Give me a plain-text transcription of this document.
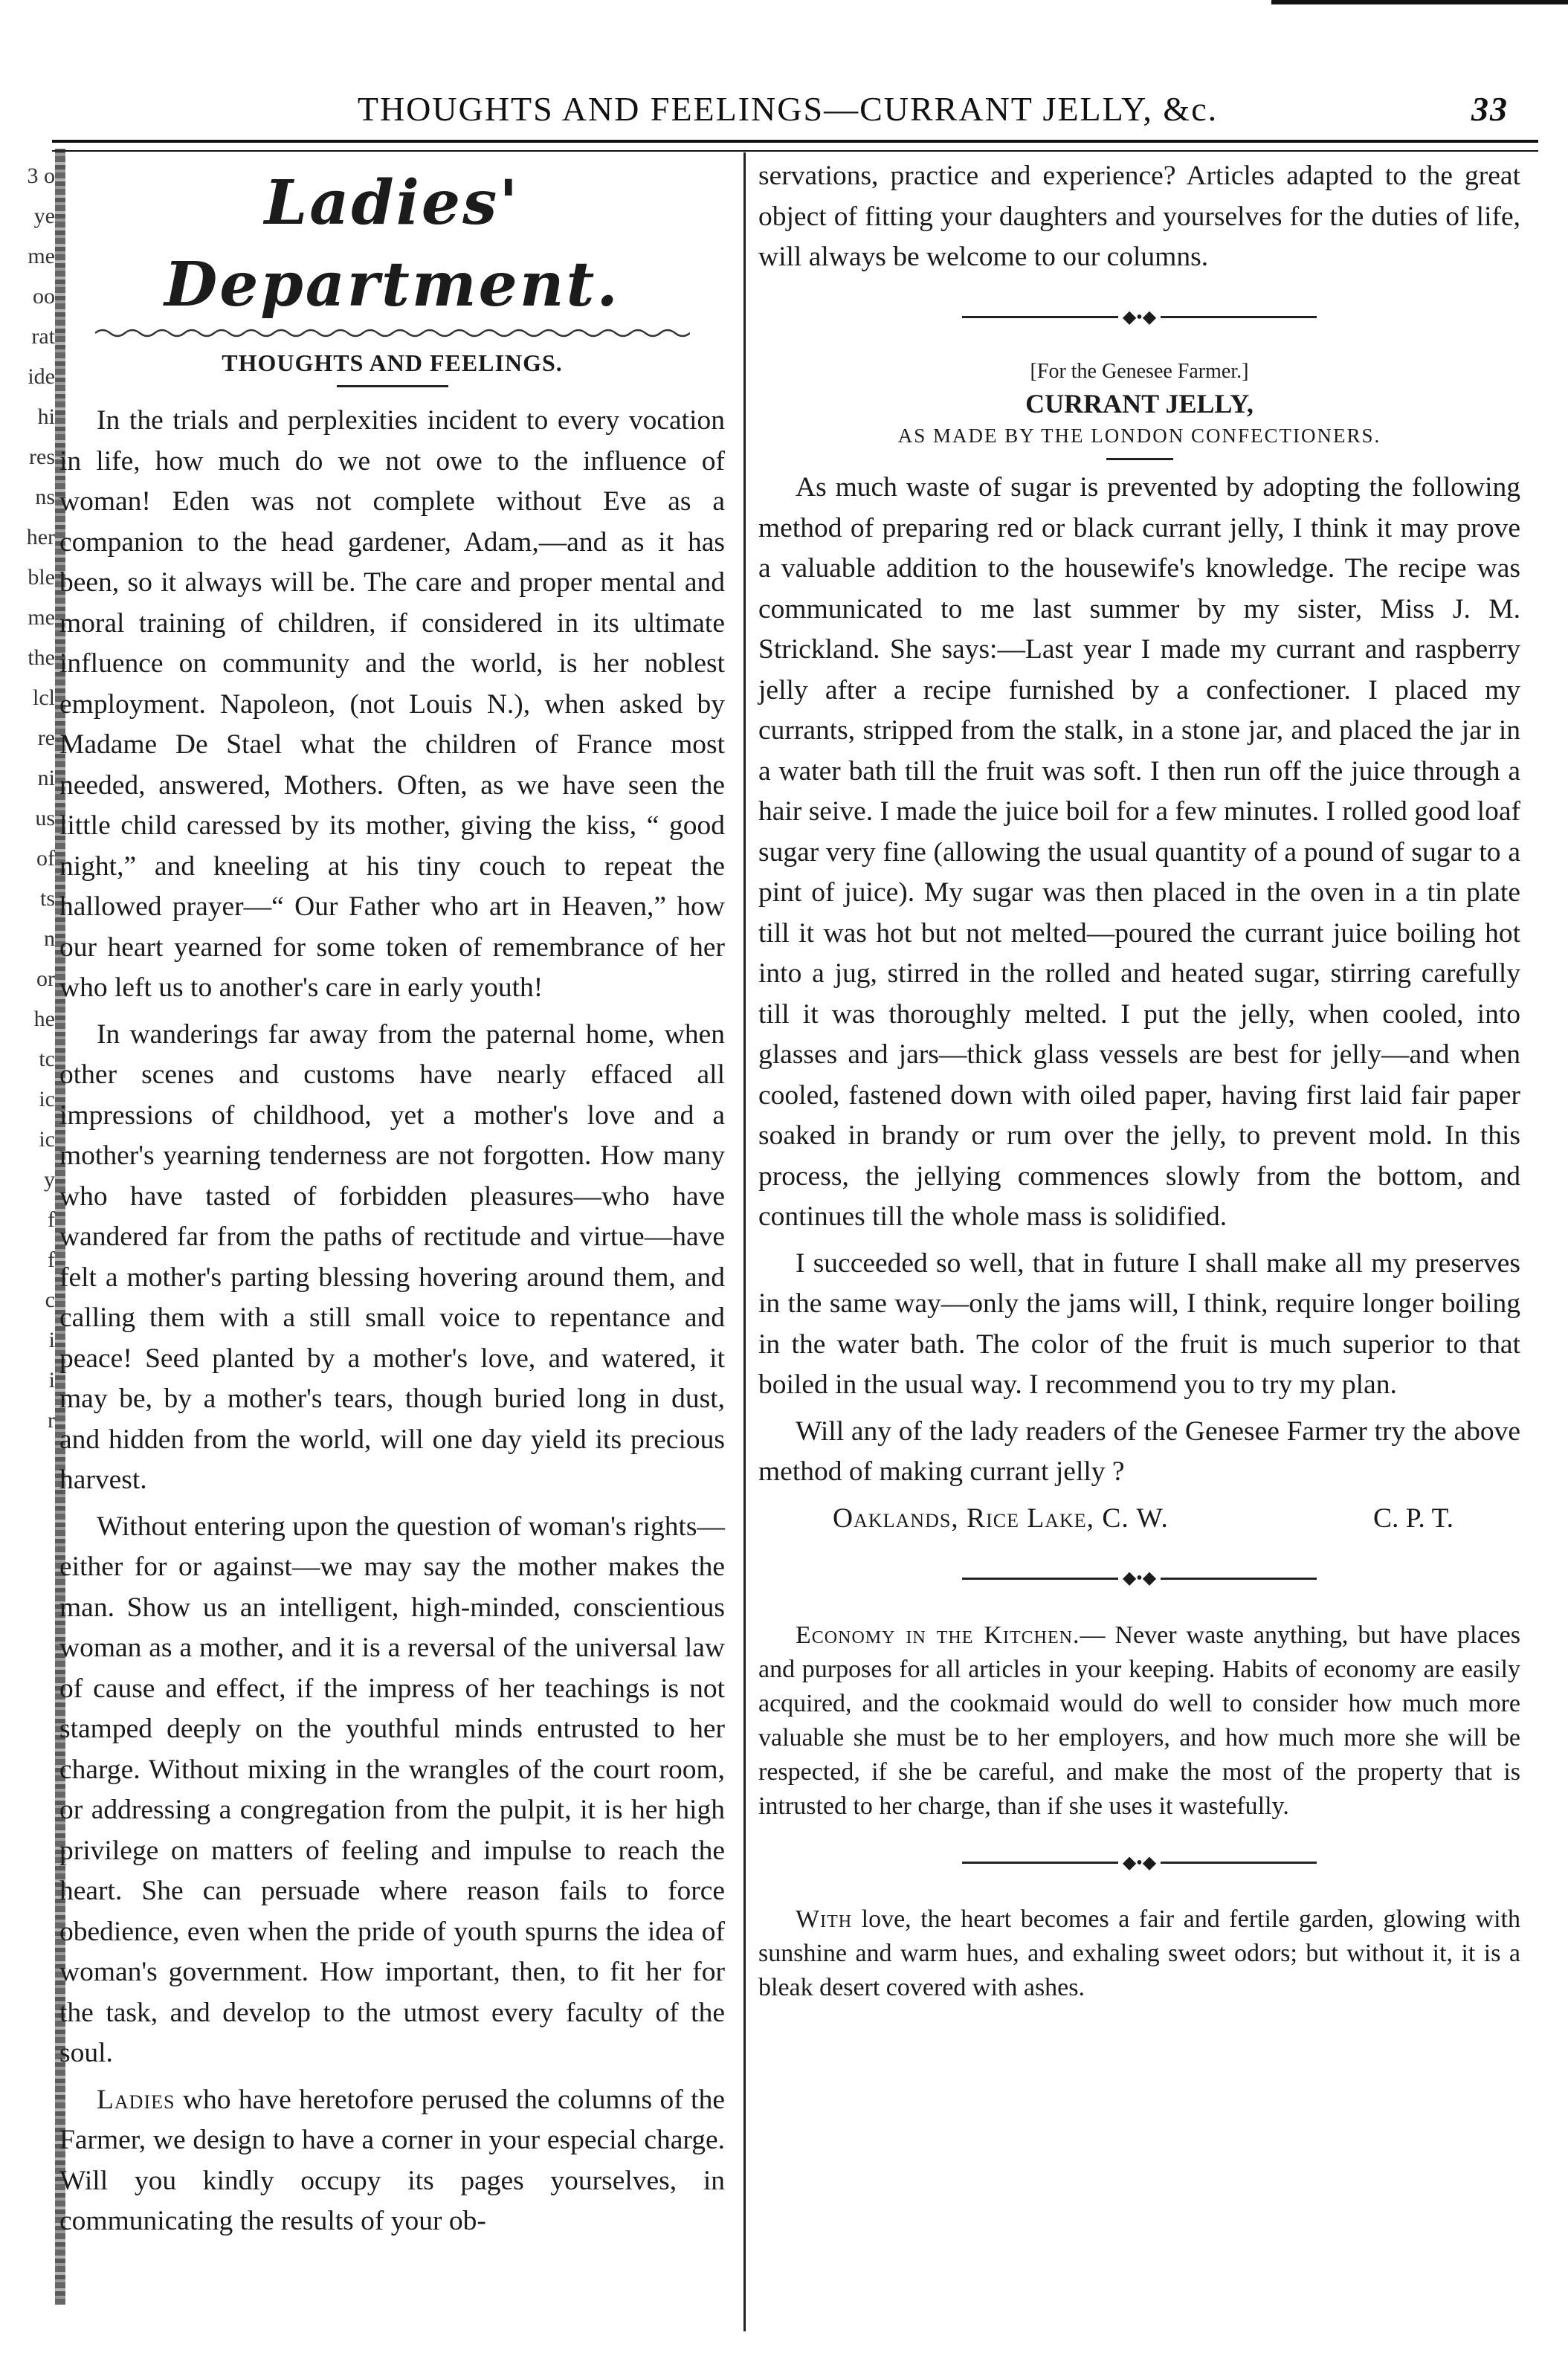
THOUGHTS AND FEELINGS—CURRANT JELLY, &c.	33
3 o
ye
me
oo
rat
ide
hi
res
ns
her
ble
me
the
lcl
re
ni
us
of
ts
n
or
he
tc
ic
ic
y
f
f
c
i
i
r
Ladies' Department.
THOUGHTS AND FEELINGS.

In the trials and perplexities incident to every vocation in life, how much do we not owe to the influence of woman! Eden was not complete without Eve as a companion to the head gardener, Adam,—and as it has been, so it always will be. The care and proper mental and moral training of children, if considered in its ultimate influence on community and the world, is her noblest employment. Napoleon, (not Louis N.), when asked by Madame De Stael what the children of France most needed, answered, Mothers. Often, as we have seen the little child caressed by its mother, giving the kiss, “ good night,” and kneeling at his tiny couch to repeat the hallowed prayer—“ Our Father who art in Heaven,” how our heart yearned for some token of remembrance of her who left us to another's care in early youth!

In wanderings far away from the paternal home, when other scenes and customs have nearly effaced all impressions of childhood, yet a mother's love and a mother's yearning tenderness are not forgotten. How many who have tasted of forbidden pleasures—who have wandered far from the paths of rectitude and virtue—have felt a mother's parting blessing hovering around them, and calling them with a still small voice to repentance and peace! Seed planted by a mother's love, and watered, it may be, by a mother's tears, though buried long in dust, and hidden from the world, will one day yield its precious harvest.

Without entering upon the question of woman's rights—either for or against—we may say the mother makes the man. Show us an intelligent, high-minded, conscientious woman as a mother, and it is a reversal of the universal law of cause and effect, if the impress of her teachings is not stamped deeply on the youthful minds entrusted to her charge. Without mixing in the wrangles of the court room, or addressing a congregation from the pulpit, it is her high privilege on matters of feeling and impulse to reach the heart. She can persuade where reason fails to force obedience, even when the pride of youth spurns the idea of woman's government. How important, then, to fit her for the task, and develop to the utmost every faculty of the soul.

Ladies who have heretofore perused the columns of the Farmer, we design to have a corner in your especial charge. Will you kindly occupy its pages yourselves, in communicating the results of your ob-

servations, practice and experience? Articles adapted to the great object of fitting your daughters and yourselves for the duties of life, will always be welcome to our columns.

◆•◆
[For the Genesee Farmer.]
CURRANT JELLY,
AS MADE BY THE LONDON CONFECTIONERS.

As much waste of sugar is prevented by adopting the following method of preparing red or black currant jelly, I think it may prove a valuable addition to the housewife's knowledge. The recipe was communicated to me last summer by my sister, Miss J. M. Strickland. She says:—Last year I made my currant and raspberry jelly after a recipe furnished by a confectioner. I placed my currants, stripped from the stalk, in a stone jar, and placed the jar in a water bath till the fruit was soft. I then run off the juice through a hair seive. I made the juice boil for a few minutes. I rolled good loaf sugar very fine (allowing the usual quantity of a pound of sugar to a pint of juice). My sugar was then placed in the oven in a tin plate till it was hot but not melted—poured the currant juice boiling hot into a jug, stirred in the rolled and heated sugar, stirring carefully till it was thoroughly melted. I put the jelly, when cooled, into glasses and jars—thick glass vessels are best for jelly—and when cooled, fastened down with oiled paper, having first laid fair paper soaked in brandy or rum over the jelly, to prevent mold. In this process, the jellying commences slowly from the bottom, and continues till the whole mass is solidified.

I succeeded so well, that in future I shall make all my preserves in the same way—only the jams will, I think, require longer boiling in the water bath. The color of the fruit is much superior to that boiled in the usual way. I recommend you to try my plan.

Will any of the lady readers of the Genesee Farmer try the above method of making currant jelly ?

Oaklands, Rice Lake, C. W.	C. P. T.

◆•◆

Economy in the Kitchen.— Never waste anything, but have places and purposes for all articles in your keeping. Habits of economy are easily acquired, and the cookmaid would do well to consider how much more valuable she must be to her employers, and how much more she will be respected, if she be careful, and make the most of the property that is intrusted to her charge, than if she uses it wastefully.

◆•◆

With love, the heart becomes a fair and fertile garden, glowing with sunshine and warm hues, and exhaling sweet odors; but without it, it is a bleak desert covered with ashes.
